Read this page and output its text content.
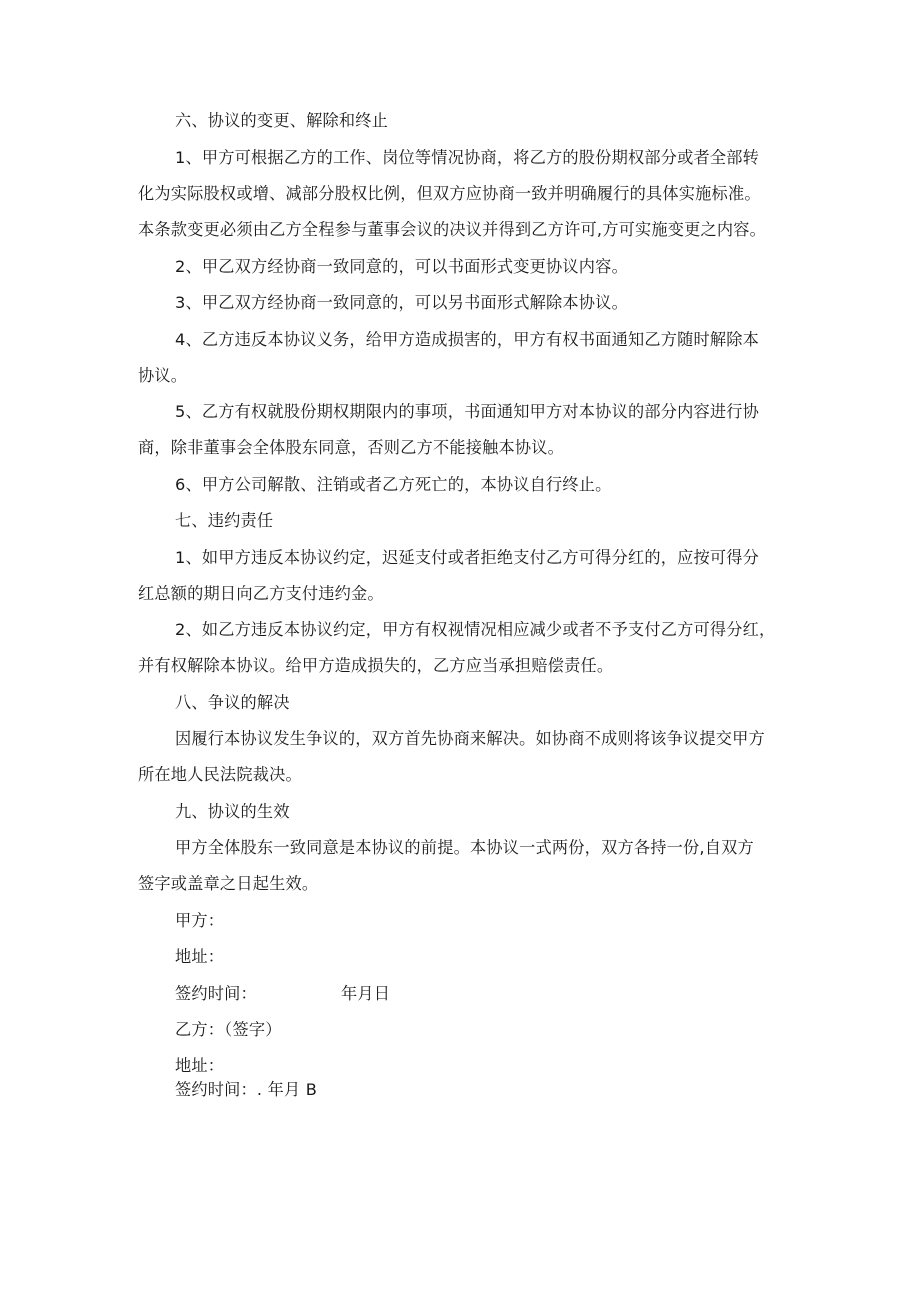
六、协议的变更、解除和终止
1、甲方可根据乙方的工作、岗位等情况协商，将乙方的股份期权部分或者全部转
化为实际股权或增、减部分股权比例，但双方应协商一致并明确履行的具体实施标准。
本条款变更必须由乙方全程参与董事会议的决议并得到乙方许可,方可实施变更之内容。
2、甲乙双方经协商一致同意的，可以书面形式变更协议内容。
3、甲乙双方经协商一致同意的，可以另书面形式解除本协议。
4、乙方违反本协议义务，给甲方造成损害的，甲方有权书面通知乙方随时解除本
协议。
5、乙方有权就股份期权期限内的事项，书面通知甲方对本协议的部分内容进行协
商，除非董事会全体股东同意，否则乙方不能接触本协议。
6、甲方公司解散、注销或者乙方死亡的，本协议自行终止。
七、违约责任
1、如甲方违反本协议约定，迟延支付或者拒绝支付乙方可得分红的，应按可得分
红总额的期日向乙方支付违约金。
2、如乙方违反本协议约定，甲方有权视情况相应减少或者不予支付乙方可得分红，
并有权解除本协议。给甲方造成损失的，乙方应当承担赔偿责任。
八、争议的解决
因履行本协议发生争议的，双方首先协商来解决。如协商不成则将该争议提交甲方
所在地人民法院裁决。
九、协议的生效
甲方全体股东一致同意是本协议的前提。本协议一式两份，双方各持一份,自双方
签字或盖章之日起生效。
甲方：
地址：
签约时间：	年月日
乙方：（签字）
地址：
签约时间：. 年月 B
